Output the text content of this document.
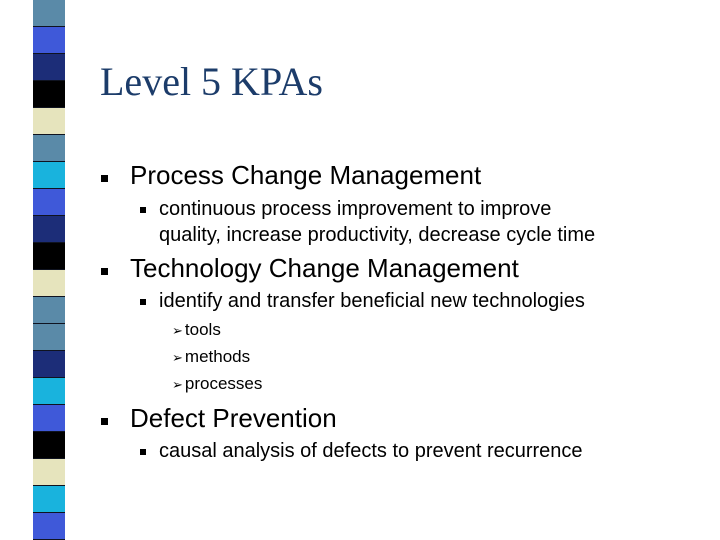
Level 5 KPAs
Process Change Management
continuous process improvement to improve
quality, increase productivity, decrease cycle time
Technology Change Management
identify and transfer beneficial new technologies
➢ tools
➢ methods
➢ processes
Defect Prevention
causal analysis of defects to prevent recurrence
